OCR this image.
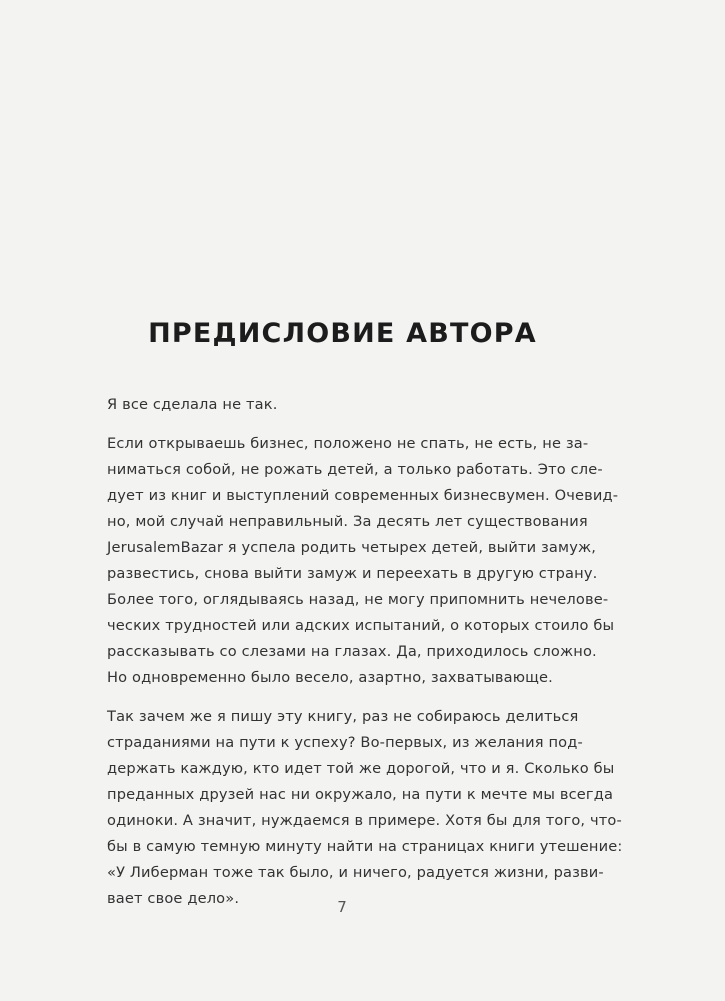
ПРЕДИСЛОВИЕ АВТОРА

Я все сделала не так.

Если открываешь бизнес, положено не спать, не есть, не за-
ниматься собой, не рожать детей, а только работать. Это сле-
дует из книг и выступлений современных бизнесвумен. Очевид-
но, мой случай неправильный. За десять лет существования
JerusalemBazar я успела родить четырех детей, выйти замуж,
развестись, снова выйти замуж и переехать в другую страну.
Более того, оглядываясь назад, не могу припомнить нечелове-
ческих трудностей или адских испытаний, о которых стоило бы
рассказывать со слезами на глазах. Да, приходилось сложно.
Но одновременно было весело, азартно, захватывающе.

Так зачем же я пишу эту книгу, раз не собираюсь делиться
страданиями на пути к успеху? Во-первых, из желания под-
держать каждую, кто идет той же дорогой, что и я. Сколько бы
преданных друзей нас ни окружало, на пути к мечте мы всегда
одиноки. А значит, нуждаемся в примере. Хотя бы для того, что-
бы в самую темную минуту найти на страницах книги утешение:
«У Либерман тоже так было, и ничего, радуется жизни, разви-
вает свое дело».	7
